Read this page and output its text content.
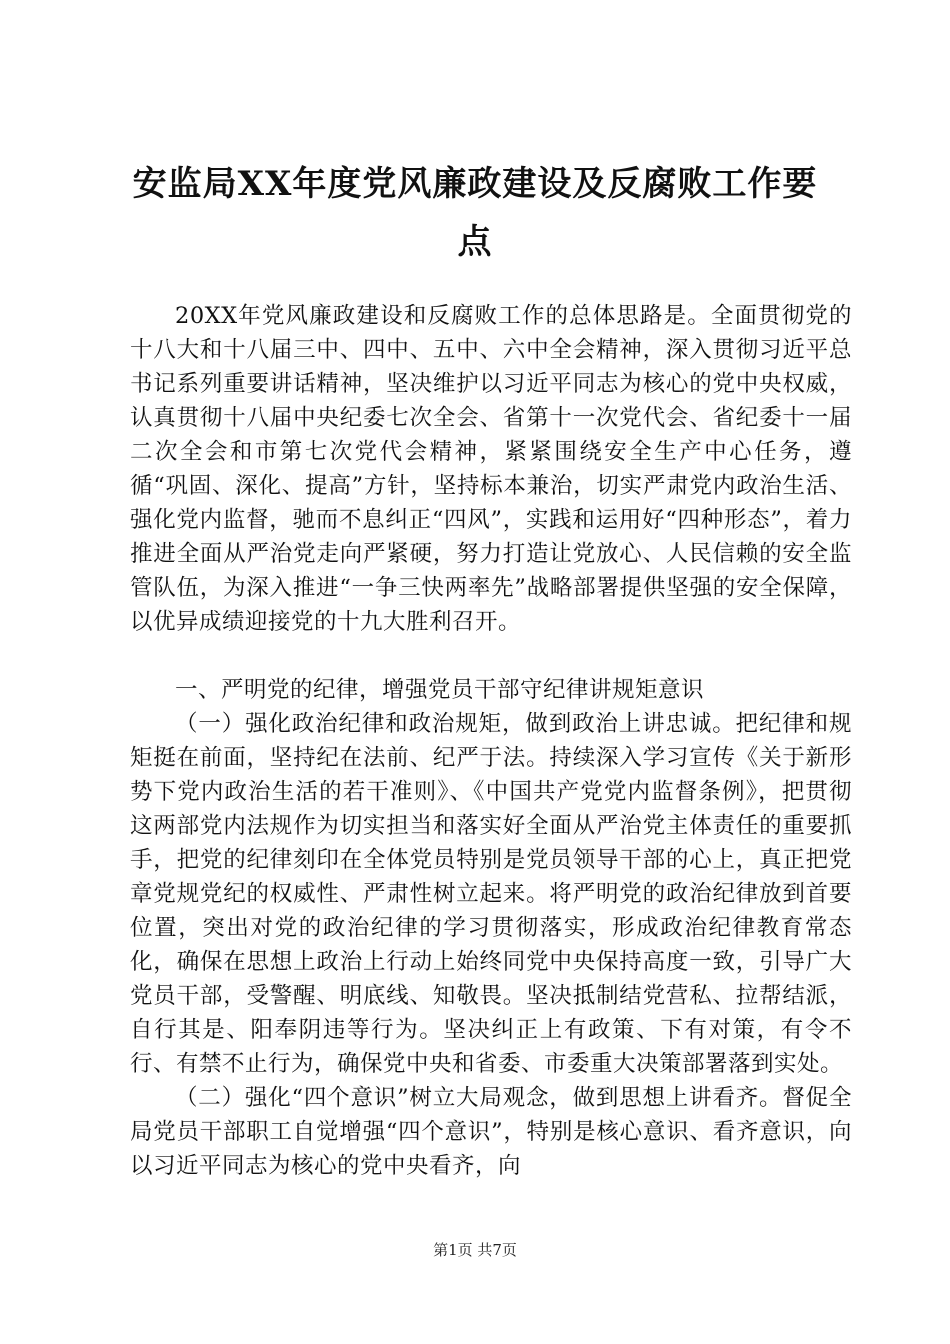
安监局XX年度党风廉政建设及反腐败工作要点

20XX年党风廉政建设和反腐败工作的总体思路是。全面贯彻党的十八大和十八届三中、四中、五中、六中全会精神，深入贯彻习近平总书记系列重要讲话精神，坚决维护以习近平同志为核心的党中央权威，认真贯彻十八届中央纪委七次全会、省第十一次党代会、省纪委十一届二次全会和市第七次党代会精神，紧紧围绕安全生产中心任务，遵循“巩固、深化、提高”方针，坚持标本兼治，切实严肃党内政治生活、强化党内监督，驰而不息纠正“四风”，实践和运用好“四种形态”，着力推进全面从严治党走向严紧硬，努力打造让党放心、人民信赖的安全监管队伍，为深入推进“一争三快两率先”战略部署提供坚强的安全保障，以优异成绩迎接党的十九大胜利召开。

一、严明党的纪律，增强党员干部守纪律讲规矩意识

（一）强化政治纪律和政治规矩，做到政治上讲忠诚。把纪律和规矩挺在前面，坚持纪在法前、纪严于法。持续深入学习宣传《关于新形势下党内政治生活的若干准则》、《中国共产党党内监督条例》，把贯彻这两部党内法规作为切实担当和落实好全面从严治党主体责任的重要抓手，把党的纪律刻印在全体党员特别是党员领导干部的心上，真正把党章党规党纪的权威性、严肃性树立起来。将严明党的政治纪律放到首要位置，突出对党的政治纪律的学习贯彻落实，形成政治纪律教育常态化，确保在思想上政治上行动上始终同党中央保持高度一致，引导广大党员干部，受警醒、明底线、知敬畏。坚决抵制结党营私、拉帮结派，自行其是、阳奉阴违等行为。坚决纠正上有政策、下有对策，有令不行、有禁不止行为，确保党中央和省委、市委重大决策部署落到实处。

（二）强化“四个意识”树立大局观念，做到思想上讲看齐。督促全局党员干部职工自觉增强“四个意识”，特别是核心意识、看齐意识，向以习近平同志为核心的党中央看齐，向

第1页 共7页
